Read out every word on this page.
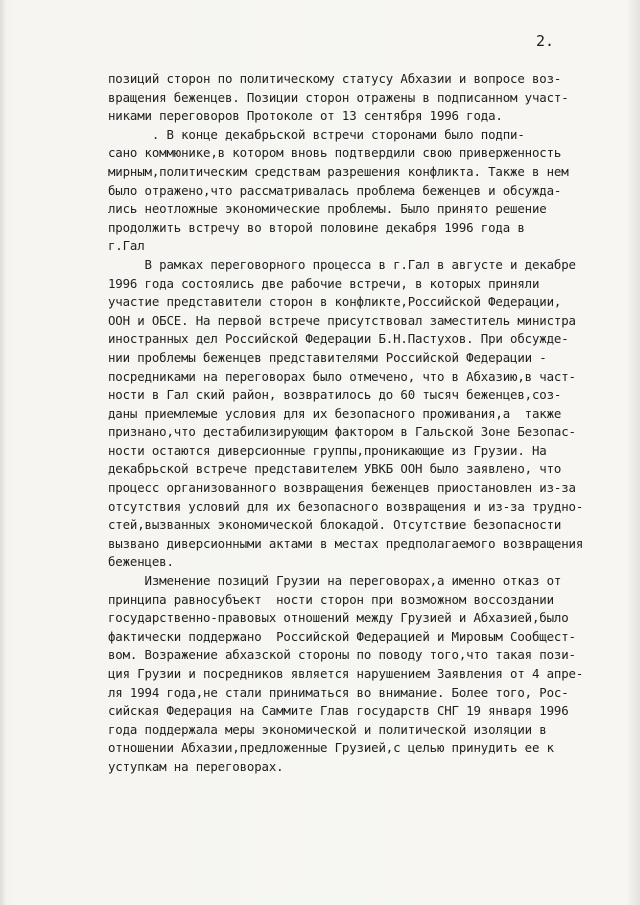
2.
позиций сторон по политическому статусу Абхазии и вопросе воз-
вращения беженцев. Позиции сторон отражены в подписанном участ-
никами переговоров Протоколе от 13 сентября 1996 года.
. В конце декабрьской встречи сторонами было подпи-
сано коммюнике,в котором вновь подтвердили свою приверженность
мирным,политическим средствам разрешения конфликта. Также в нем
было отражено,что рассматривалась проблема беженцев и обсужда-
лись неотложные экономические проблемы. Было принято решение
продолжить встречу во второй половине декабря 1996 года в
г.Гал
В рамках переговорного процесса в г.Гал в августе и декабре
1996 года состоялись две рабочие встречи, в которых приняли
участие представители сторон в конфликте,Российской Федерации,
ООН и ОБСЕ. На первой встрече присутствовал заместитель министра
иностранных дел Российской Федерации Б.Н.Пастухов. При обсужде-
нии проблемы беженцев представителями Российской Федерации -
посредниками на переговорах было отмечено, что в Абхазию,в част-
ности в Гал ский район, возвратилось до 60 тысяч беженцев,соз-
даны приемлемые условия для их безопасного проживания,а  также
признано,что дестабилизирующим фактором в Гальской Зоне Безопас-
ности остаются диверсионные группы,проникающие из Грузии. На
декабрьской встрече представителем УВКБ ООН было заявлено, что
процесс организованного возвращения беженцев приостановлен из-за
отсутствия условий для их безопасного возвращения и из-за трудно-
стей,вызванных экономической блокадой. Отсутствие безопасности
вызвано диверсионными актами в местах предполагаемого возвращения
беженцев.
Изменение позиций Грузии на переговорах,а именно отказ от
принципа равносубъект  ности сторон при возможном воссоздании
государственно-правовых отношений между Грузией и Абхазией,было
фактически поддержано  Российской Федерацией и Мировым Сообщест-
вом. Возражение абхазской стороны по поводу того,что такая пози-
ция Грузии и посредников является нарушением Заявления от 4 апре-
ля 1994 года,не стали приниматься во внимание. Более того, Рос-
сийская Федерация на Саммите Глав государств СНГ 19 января 1996
года поддержала меры экономической и политической изоляции в
отношении Абхазии,предложенные Грузией,с целью принудить ее к
уступкам на переговорах.
